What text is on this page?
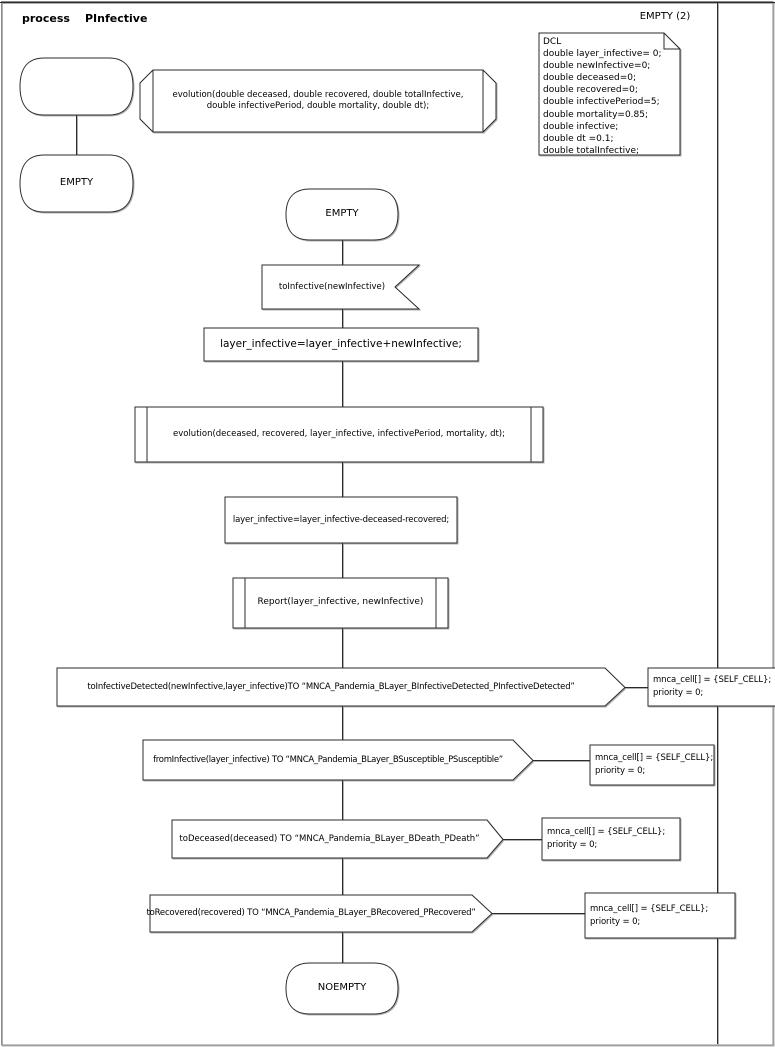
process	PInfective	EMPTY (2)
DCL
double layer_infective= 0;
double newInfective=0;
double deceased=0;
double recovered=0;
double infectivePeriod=5;
double mortality=0.85;
double infective;
double dt =0.1;
double totalInfective;
EMPTY
evolution(double deceased, double recovered, double totalInfective,
double infectivePeriod, double mortality, double dt);
EMPTY
toInfective(newInfective)
layer_infective=layer_infective+newInfective;
evolution(deceased, recovered, layer_infective, infectivePeriod, mortality, dt);
layer_infective=layer_infective-deceased-recovered;
Report(layer_infective, newInfective)
toInfectiveDetected(newInfective,layer_infective)TO “MNCA_Pandemia_BLayer_BInfectiveDetected_PInfectiveDetected”
fromInfective(layer_infective) TO “MNCA_Pandemia_BLayer_BSusceptible_PSusceptible”
toDeceased(deceased) TO “MNCA_Pandemia_BLayer_BDeath_PDeath”
toRecovered(recovered) TO “MNCA_Pandemia_BLayer_BRecovered_PRecovered”
NOEMPTY
mnca_cell[] = {SELF_CELL};
priority = 0;
mnca_cell[] = {SELF_CELL};
priority = 0;
mnca_cell[] = {SELF_CELL};
priority = 0;
mnca_cell[] = {SELF_CELL};
priority = 0;
